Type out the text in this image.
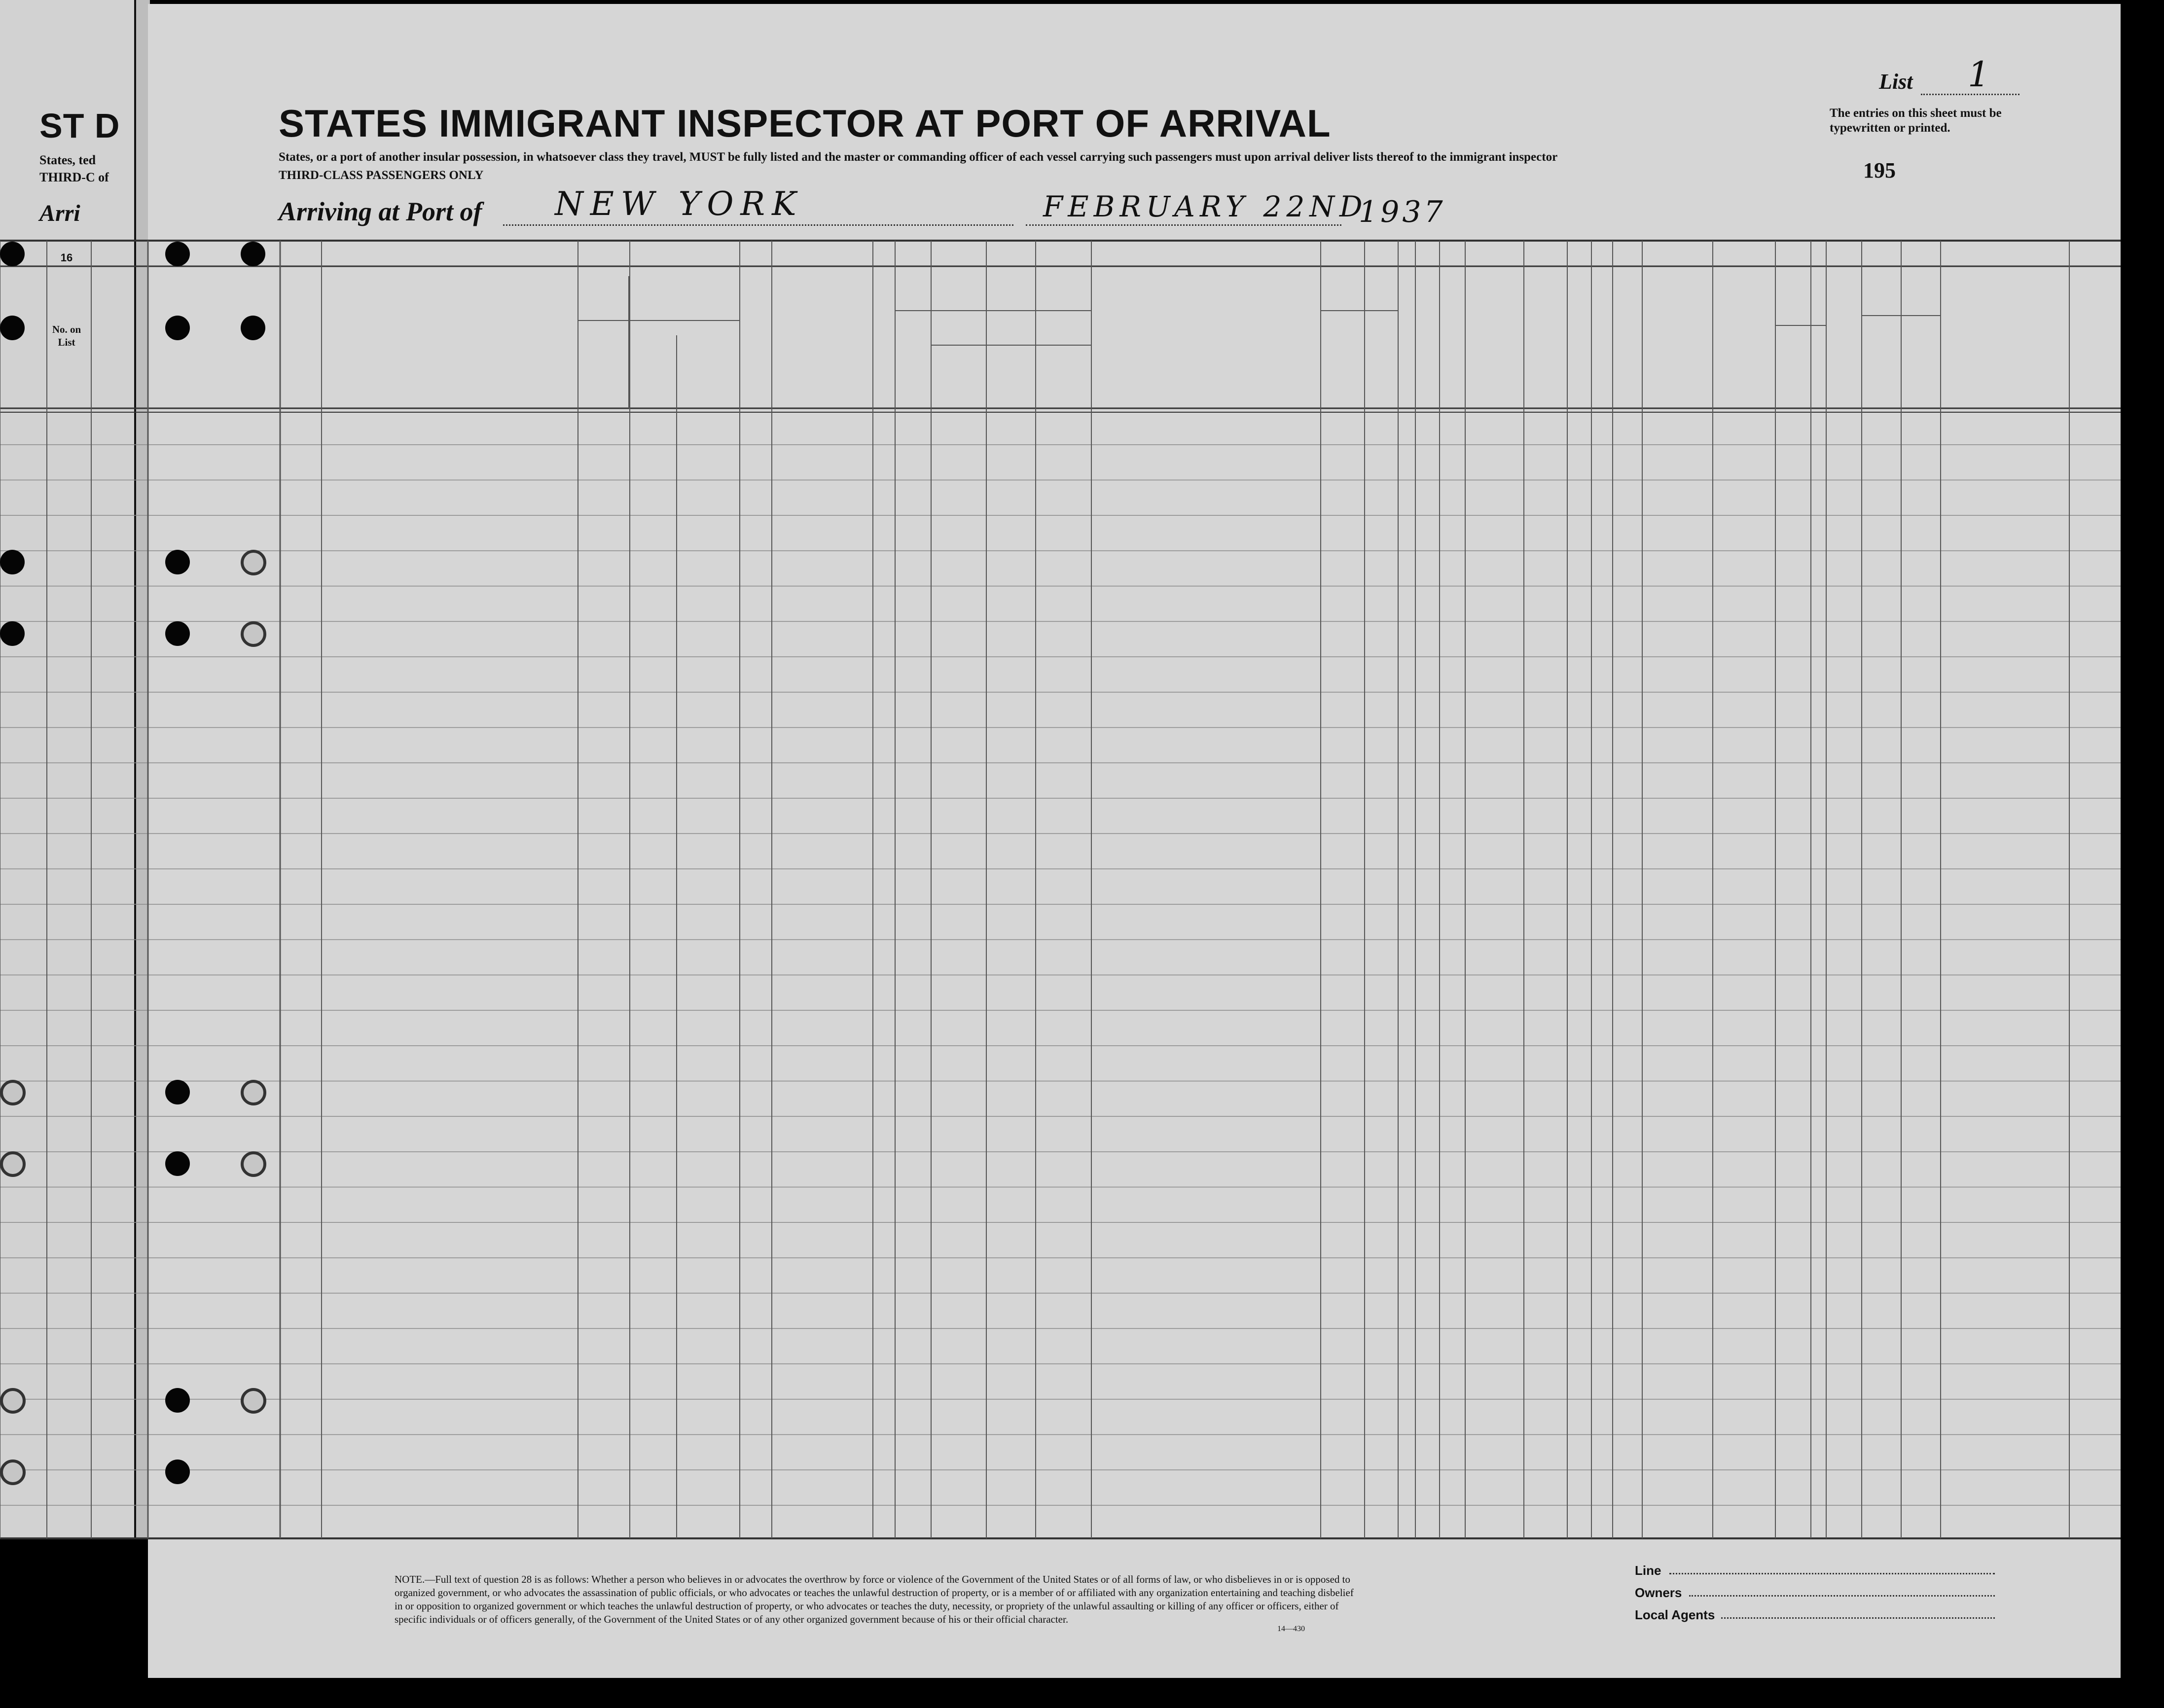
ST D
States, ted
THIRD-C of
Arri
16
No. on List
STATES IMMIGRANT INSPECTOR AT PORT OF ARRIVAL
States, or a port of another insular possession, in whatsoever class they travel, MUST be fully listed and the master or commanding officer of each vessel carrying such passengers must upon arrival deliver lists thereof to the immigrant inspector
THIRD-CLASS PASSENGERS ONLY
Arriving at Port of NEW YORK	FEBRUARY 22ND
1937
List 1
The entries on this sheet must be typewritten or printed.
195
NOTE.—Full text of question 28 is as follows: Whether a person who believes in or advocates the overthrow by force or violence of the Government of the United States or of all forms of law, or who disbelieves in or is opposed to organized government, or who advocates the assassination of public officials, or who advocates or teaches the unlawful destruction of property, or is a member of or affiliated with any organization entertaining and teaching disbelief in or opposition to organized government or which teaches the unlawful destruction of property, or who advocates or teaches the duty, necessity, or propriety of the unlawful assaulting or killing of any officer or officers, either of specific individuals or of officers generally, of the Government of the United States or of any other organized government because of his or their official character.
14—430
Line
Owners
Local Agents
